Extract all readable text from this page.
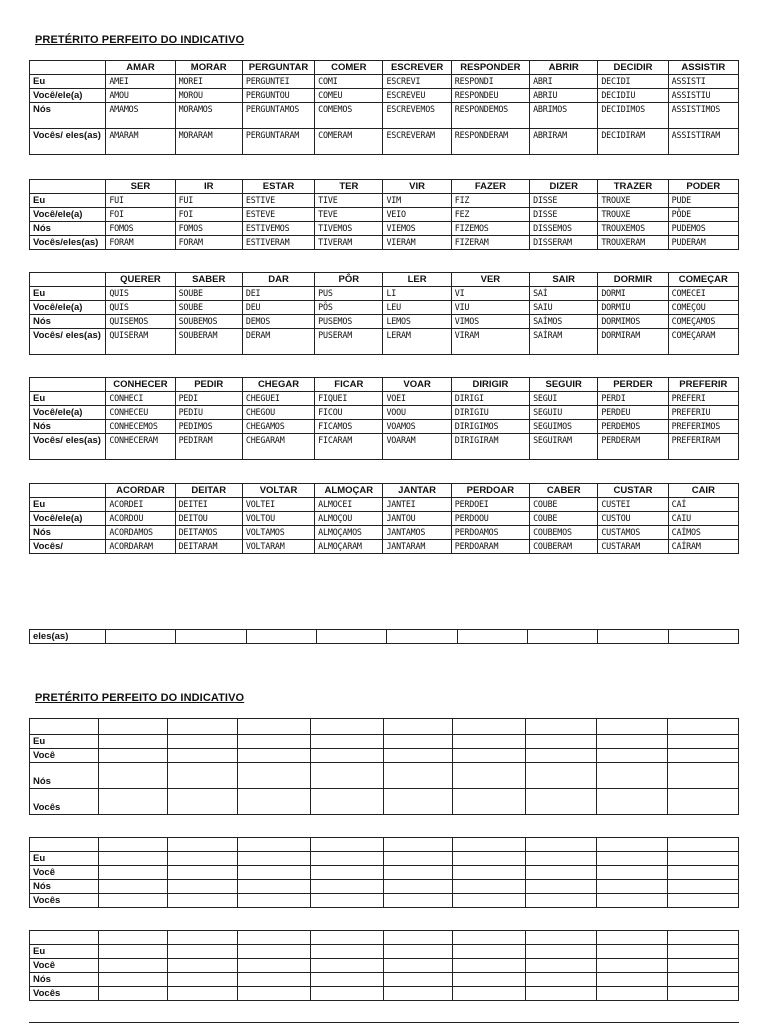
PRETÉRITO PERFEITO DO INDICATIVO
	AMAR	MORAR	PERGUNTAR	COMER	ESCREVER	RESPONDER	ABRIR	DECIDIR	ASSISTIR
Eu	AMEI	MOREI	PERGUNTEI	COMI	ESCREVI	RESPONDI	ABRI	DECIDI	ASSISTI
Você/ele(a)	AMOU	MOROU	PERGUNTOU	COMEU	ESCREVEU	RESPONDEU	ABRIU	DECIDIU	ASSISTIU
Nós	AMAMOS	MORAMOS	PERGUNTAMOS	COMEMOS	ESCREVEMOS	RESPONDEMOS	ABRIMOS	DECIDIMOS	ASSISTIMOS
Vocês/ eles(as)	AMARAM	MORARAM	PERGUNTARAM	COMERAM	ESCREVERAM	RESPONDERAM	ABRIRAM	DECIDIRAM	ASSISTIRAM
	SER	IR	ESTAR	TER	VIR	FAZER	DIZER	TRAZER	PODER
Eu	FUI	FUI	ESTIVE	TIVE	VIM	FIZ	DISSE	TROUXE	PUDE
Você/ele(a)	FOI	FOI	ESTEVE	TEVE	VEIO	FEZ	DISSE	TROUXE	PÔDE
Nós	FOMOS	FOMOS	ESTIVEMOS	TIVEMOS	VIEMOS	FIZEMOS	DISSEMOS	TROUXEMOS	PUDEMOS
Vocês/eles(as)	FORAM	FORAM	ESTIVERAM	TIVERAM	VIERAM	FIZERAM	DISSERAM	TROUXERAM	PUDERAM
	QUERER	SABER	DAR	PÔR	LER	VER	SAIR	DORMIR	COMEÇAR
Eu	QUIS	SOUBE	DEI	PUS	LI	VI	SAÍ	DORMI	COMECEI
Você/ele(a)	QUIS	SOUBE	DEU	PÔS	LEU	VIU	SAIU	DORMIU	COMEÇOU
Nós	QUISEMOS	SOUBEMOS	DEMOS	PUSEMOS	LEMOS	VIMOS	SAÍMOS	DORMIMOS	COMEÇAMOS
Vocês/ eles(as)	QUISERAM	SOUBERAM	DERAM	PUSERAM	LERAM	VIRAM	SAÍRAM	DORMIRAM	COMEÇARAM
	CONHECER	PEDIR	CHEGAR	FICAR	VOAR	DIRIGIR	SEGUIR	PERDER	PREFERIR
Eu	CONHECI	PEDI	CHEGUEI	FIQUEI	VOEI	DIRIGI	SEGUI	PERDI	PREFERI
Você/ele(a)	CONHECEU	PEDIU	CHEGOU	FICOU	VOOU	DIRIGIU	SEGUIU	PERDEU	PREFERIU
Nós	CONHECEMOS	PEDIMOS	CHEGAMOS	FICAMOS	VOAMOS	DIRIGIMOS	SEGUIMOS	PERDEMOS	PREFERIMOS
Vocês/ eles(as)	CONHECERAM	PEDIRAM	CHEGARAM	FICARAM	VOARAM	DIRIGIRAM	SEGUIRAM	PERDERAM	PREFERIRAM
	ACORDAR	DEITAR	VOLTAR	ALMOÇAR	JANTAR	PERDOAR	CABER	CUSTAR	CAIR
Eu	ACORDEI	DEITEI	VOLTEI	ALMOCEI	JANTEI	PERDOEI	COUBE	CUSTEI	CAÍ
Você/ele(a)	ACORDOU	DEITOU	VOLTOU	ALMOÇOU	JANTOU	PERDOOU	COUBE	CUSTOU	CAIU
Nós	ACORDAMOS	DEITAMOS	VOLTAMOS	ALMOÇAMOS	JANTAMOS	PERDOAMOS	COUBEMOS	CUSTAMOS	CAÍMOS
Vocês/	ACORDARAM	DEITARAM	VOLTARAM	ALMOÇARAM	JANTARAM	PERDOARAM	COUBERAM	CUSTARAM	CAÍRAM
eles(as)									
PRETÉRITO PERFEITO DO INDICATIVO

Eu									
Você									
Nós									
Vocês									

Eu									
Você									
Nós									
Vocês									

Eu									
Você									
Nós									
Vocês									
